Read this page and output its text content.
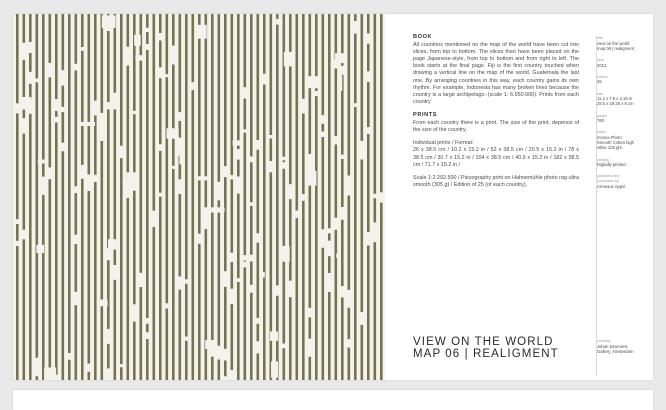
BOOK

All countries mentioned on the map of the world have been cut into slices, from top to bottom. The slices then have been placed on the page Japanese-style, from top to bottom and from right to left. The book starts at the final page. Fiji is the first country touched when drawing a vertical line on the map of the world, Guatemala the last one. By arranging countries in this way, each country gains its own rhythm. For example, Indonesia has many broken lines because the country is a large archipelago. (scale 1: 6.550.000). Prints from each country

PRINTS

From each country there is a print. The size of the print, depence of the size of the country.

Individual prints / Format:

26 x 38.5 cm / 10.2 x 15.2 in / 52 x 38.5 cm / 20.5 x 15.2 in / 78 x 38.5 cm / 30.7 x 15.2 in / 104 x 38.5 cm / 40.9 x 15.2 in / 182 x 38.5 cm / 71.7 x 15.2 in /

Scale 1:2.292.500 / Piezography print on Hahnemühle photo rag ultra smooth (305 g) / Edition of 25 (of each country).

VIEW ON THE WORLD
MAP 06 | REALIGMENT
title
view on the world
map 06 | realigment
year
2013
edition
25
size
11.2 x 7.6 x 3.15 in
28.5 x 19.25 x 8 cm
pages
760
paper
Innova Photo
Smooth Cotton high
white 225 grs
printing
Digitally printed
published and
bookmade by
Armeaux Appel
courtesy
Johan Deumens
Gallery, Amsterdam
